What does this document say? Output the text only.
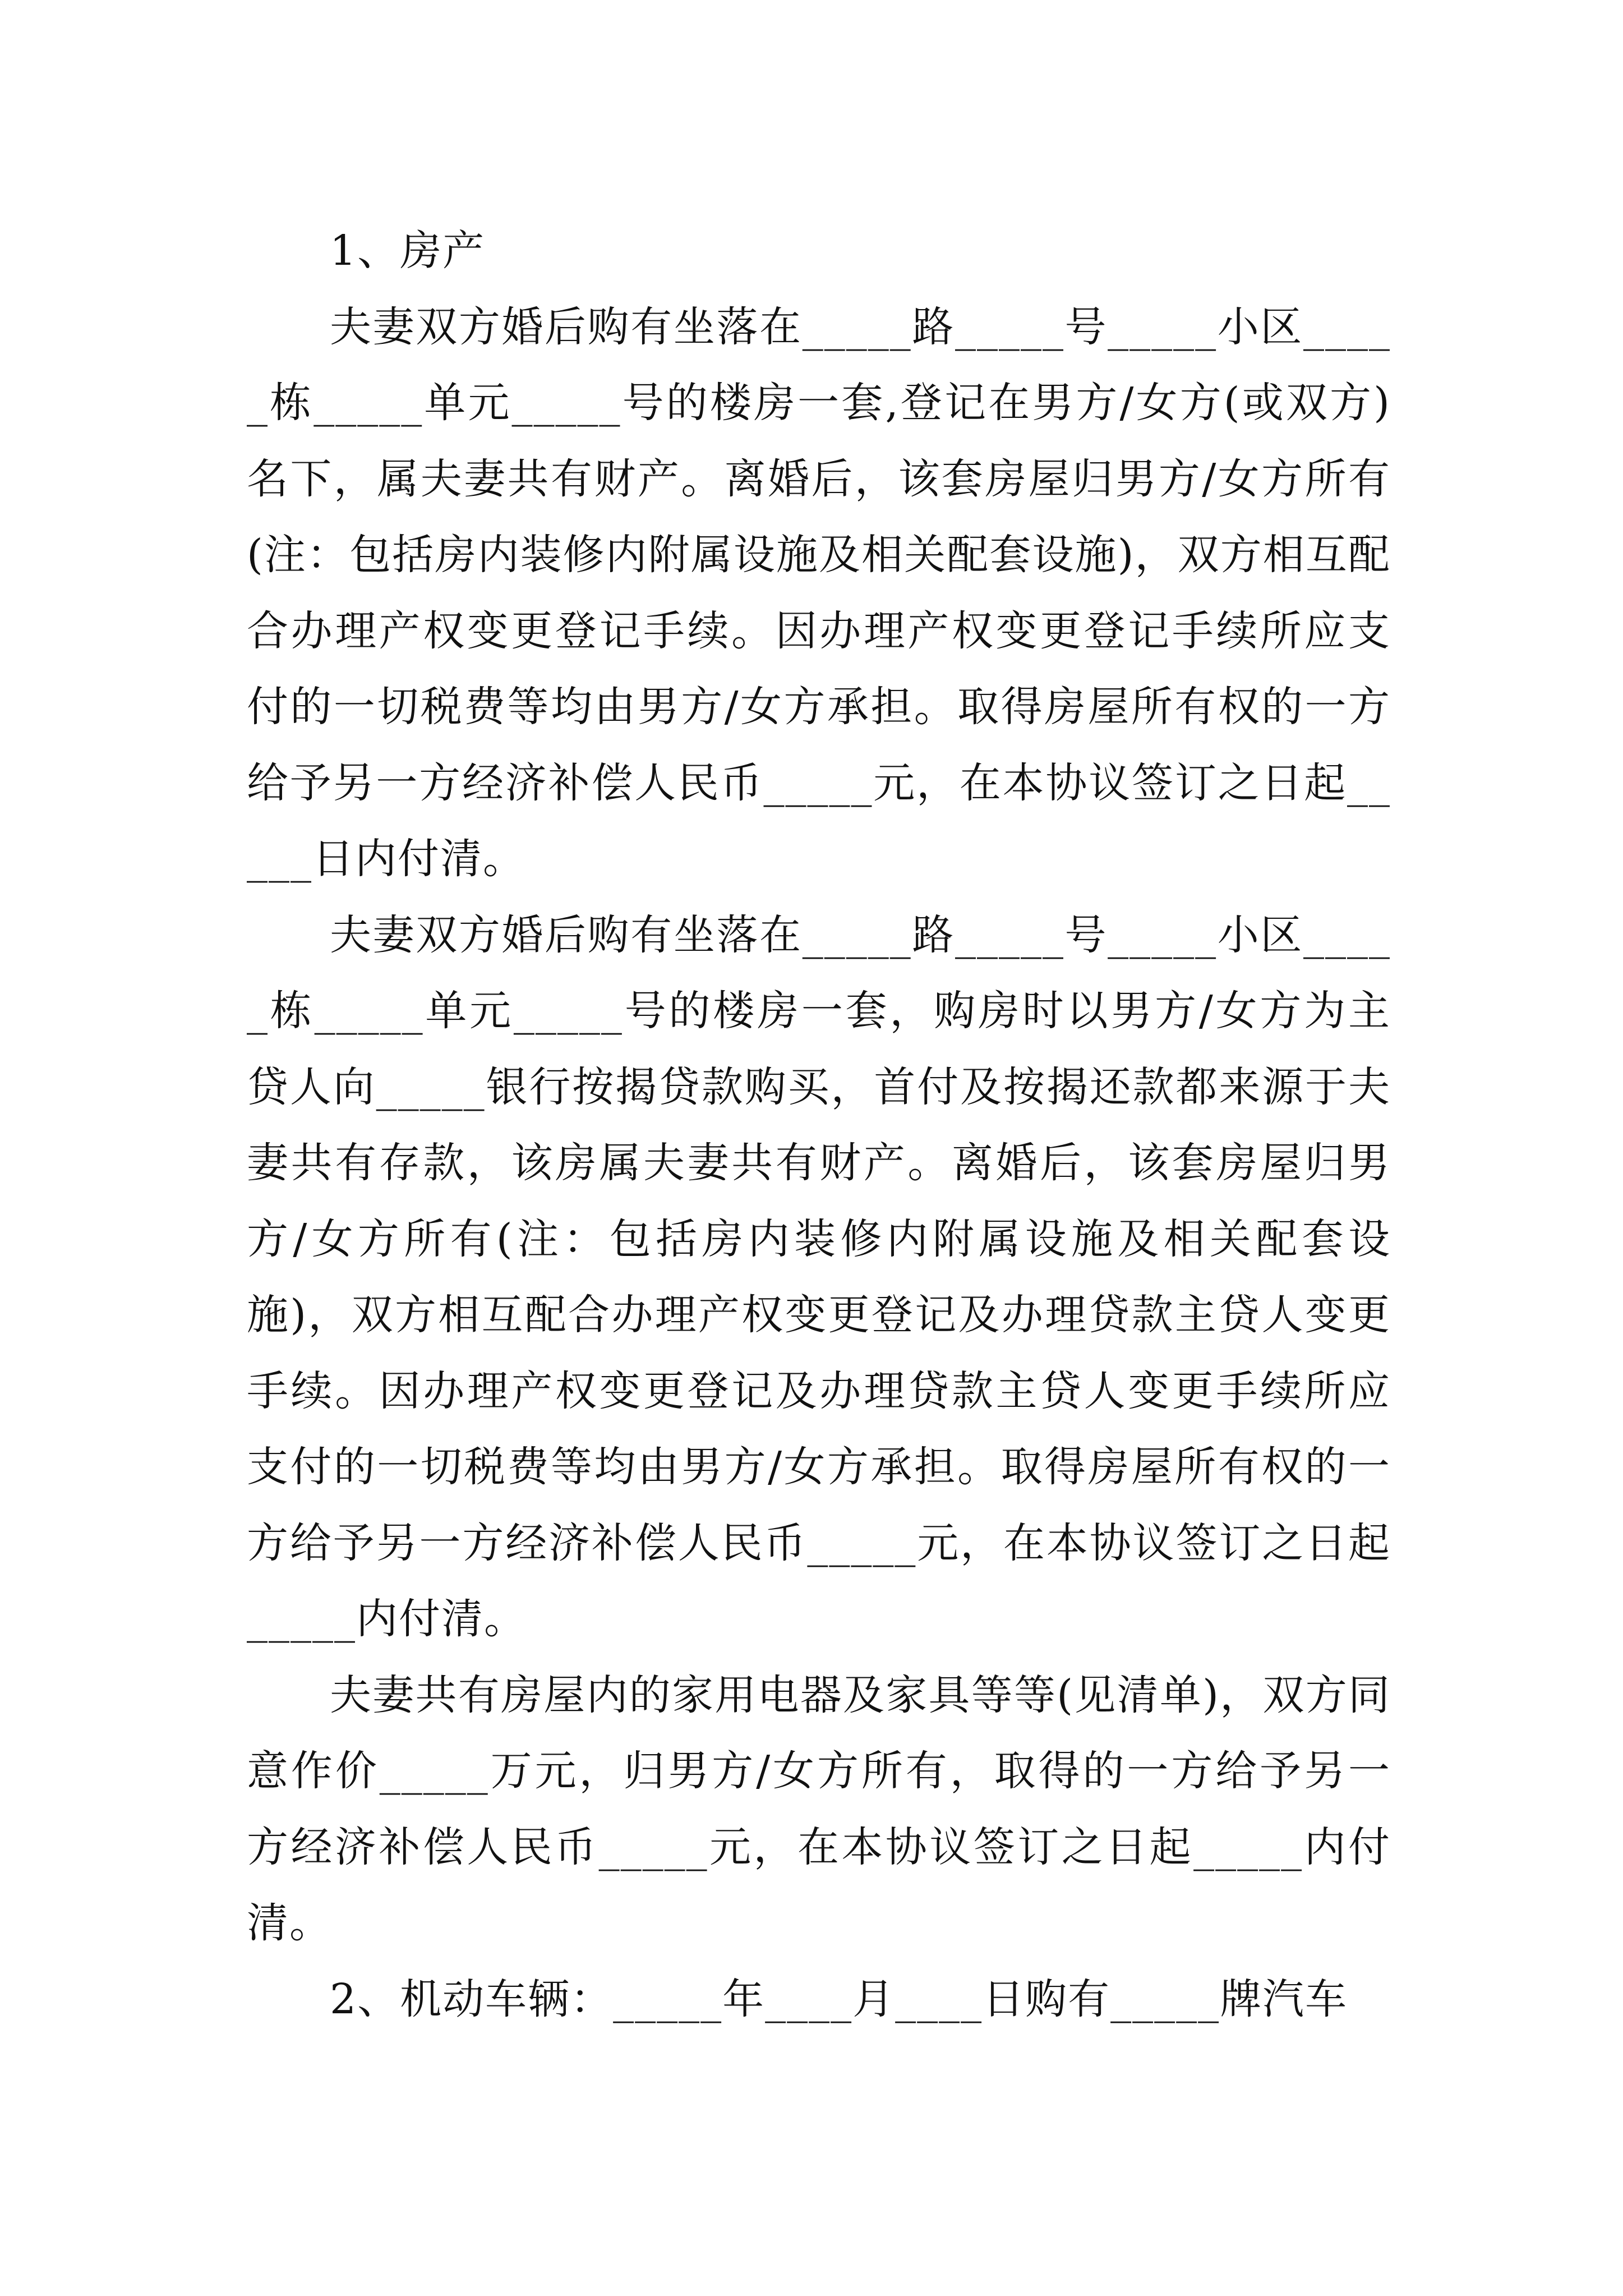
1、房产

夫妻双方婚后购有坐落在_____路_____号_____小区_____栋_____单元_____号的楼房一套,登记在男方/女方(或双方)名下，属夫妻共有财产。离婚后，该套房屋归男方/女方所有(注：包括房内装修内附属设施及相关配套设施)，双方相互配合办理产权变更登记手续。因办理产权变更登记手续所应支付的一切税费等均由男方/女方承担。取得房屋所有权的一方给予另一方经济补偿人民币_____元，在本协议签订之日起_____日内付清。

夫妻双方婚后购有坐落在_____路_____号_____小区_____栋_____单元_____号的楼房一套，购房时以男方/女方为主贷人向_____银行按揭贷款购买，首付及按揭还款都来源于夫妻共有存款，该房属夫妻共有财产。离婚后，该套房屋归男方/女方所有(注：包括房内装修内附属设施及相关配套设施)，双方相互配合办理产权变更登记及办理贷款主贷人变更手续。因办理产权变更登记及办理贷款主贷人变更手续所应支付的一切税费等均由男方/女方承担。取得房屋所有权的一方给予另一方经济补偿人民币_____元，在本协议签订之日起_____内付清。

夫妻共有房屋内的家用电器及家具等等(见清单)，双方同意作价_____万元，归男方/女方所有，取得的一方给予另一方经济补偿人民币_____元，在本协议签订之日起_____内付清。

2、机动车辆：_____年____月____日购有_____牌汽车
